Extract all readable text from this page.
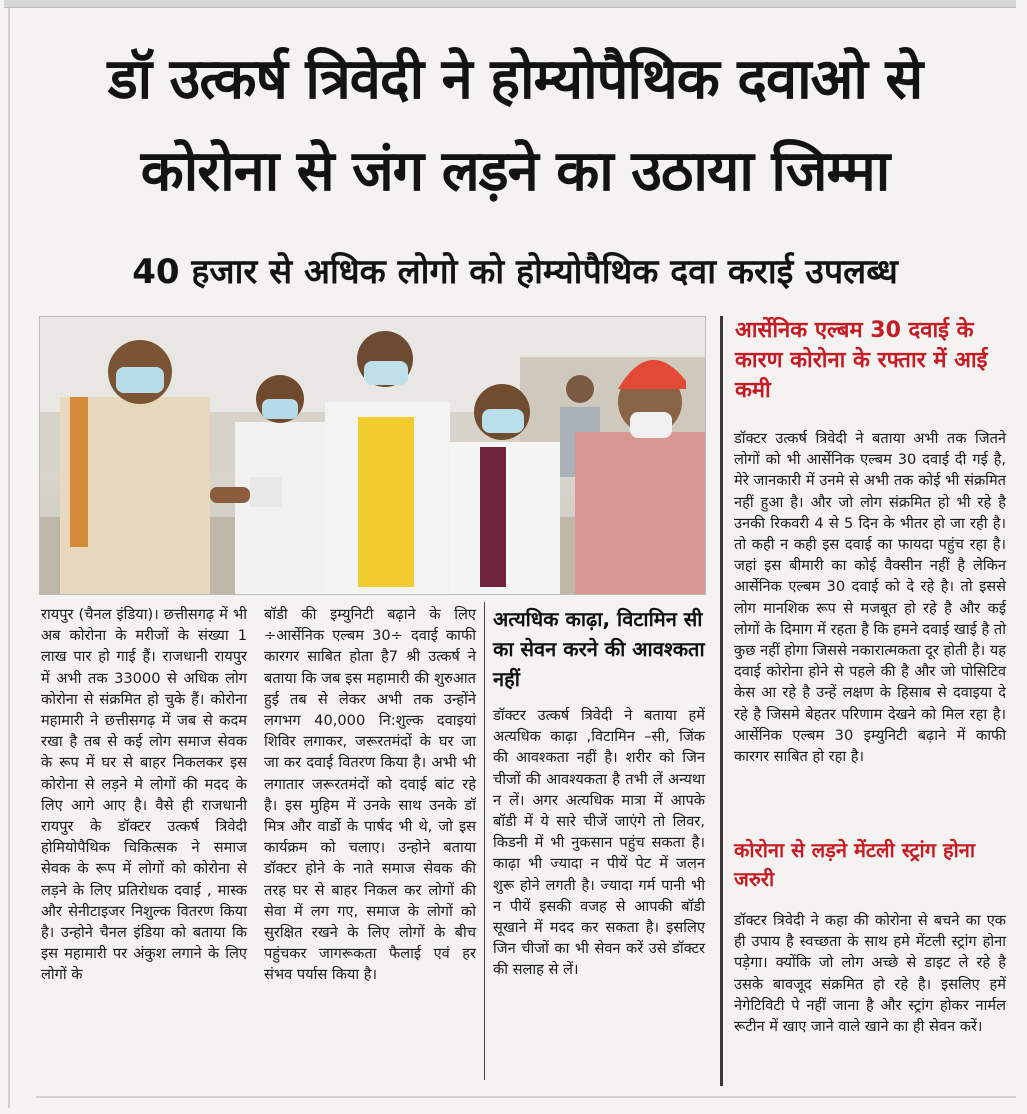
डॉ उत्कर्ष त्रिवेदी ने होम्योपैथिक दवाओ से
कोरोना से जंग लड़ने का उठाया जिम्मा
40 हजार से अधिक लोगो को होम्योपैथिक दवा कराई उपलब्ध
रायपुर (चैनल इंडिया)। छत्तीसगढ़ में भी अब कोरोना के मरीजों के संख्या 1 लाख पार हो गाई हैं। राजधानी रायपुर में अभी तक 33000 से अधिक लोग कोरोना से संक्रमित हो चुके हैं। कोरोना महामारी ने छत्तीसगढ़ में जब से कदम रखा है तब से कई लोग समाज सेवक के रूप में घर से बाहर निकलकर इस कोरोना से लड़ने मे लोगों की मदद के लिए आगे आए है। वैसे ही राजधानी रायपुर के डॉक्टर उत्कर्ष त्रिवेदी होमियोपैथिक चिकित्सक ने समाज सेवक के रूप में लोगों को कोरोना से लड़ने के लिए प्रतिरोधक दवाई , मास्क और सेनीटाइजर निशुल्क वितरण किया है। उन्होने चैनल इंडिया को बताया कि इस महामारी पर अंकुश लगाने के लिए लोगों के
बॉडी की इम्युनिटी बढ़ाने के लिए ÷आर्सेनिक एल्बम 30÷ दवाई काफी कारगर साबित होता है7 श्री उत्कर्ष ने बताया कि जब इस महामारी की शुरुआत हुई तब से लेकर अभी तक उन्होंने लगभग 40,000 नि:शुल्क दवाइयां शिविर लगाकर, जरूरतमंदों के घर जा जा कर दवाई वितरण किया है। अभी भी लगातार जरूरतमंदों को दवाई बांट रहे है। इस मुहिम में उनके साथ उनके डॉ मित्र और वार्डो के पार्षद भी थे, जो इस कार्यक्रम को चलाए। उन्होने बताया डॉक्टर होने के नाते समाज सेवक की तरह घर से बाहर निकल कर लोगों की सेवा में लग गए, समाज के लोगों को सुरक्षित रखने के लिए लोगों के बीच पहुंचकर जागरूकता फैलाई एवं हर संभव पर्यास किया है।
अत्यधिक काढ़ा, विटामिन सी का सेवन करने की आवश्कता नहीं
डॉक्टर उत्कर्ष त्रिवेदी ने बताया हमें अत्यधिक काढ़ा ,विटामिन –सी, जिंक की आवश्कता नहीं है। शरीर को जिन चीजों की आवश्यकता है तभी लें अन्यथा न लें। अगर अत्यधिक मात्रा में आपके बॉडी में ये सारे चीजें जाएंगे तो लिवर, किडनी में भी नुकसान पहुंच सकता है। काढ़ा भी ज्यादा न पीयें पेट में जलन शुरू होने लगती है। ज्यादा गर्म पानी भी न पीयें इसकी वजह से आपकी बॉडी सूखाने में मदद कर सकता है। इसलिए जिन चीजों का भी सेवन करें उसे डॉक्टर की सलाह से लें।
आर्सेनिक एल्बम 30 दवाई के कारण कोरोना के रफ्तार में आई कमी
डॉक्टर उत्कर्ष त्रिवेदी ने बताया अभी तक जितने लोगों को भी आर्सेनिक एल्बम 30 दवाई दी गई है, मेरे जानकारी में उनमे से अभी तक कोई भी संक्रमित नहीं हुआ है। और जो लोग संक्रमित हो भी रहे है उनकी रिकवरी 4 से 5 दिन के भीतर हो जा रही है। तो कही न कही इस दवाई का फायदा पहुंच रहा है। जहां इस बीमारी का कोई वैक्सीन नहीं है लेकिन आर्सेनिक एल्बम 30 दवाई को दे रहे है। तो इससे लोग मानशिक रूप से मजबूत हो रहे है और कई लोगों के दिमाग में रहता है कि हमने दवाई खाई है तो कुछ नहीं होगा जिससे नकारात्मकता दूर होती है। यह दवाई कोरोना होने से पहले की है और जो पोसिटिव केस आ रहे है उन्हें लक्षण के हिसाब से दवाइया दे रहे है जिसमे बेहतर परिणाम देखने को मिल रहा है। आर्सेनिक एल्बम 30 इम्युनिटी बढ़ाने में काफी कारगर साबित हो रहा है।
कोरोना से लड़ने मेंटली स्ट्रांग होना जरुरी
डॉक्टर त्रिवेदी ने कहा की कोरोना से बचने का एक ही उपाय है स्वच्छता के साथ हमे मेंटली स्ट्रांग होना पड़ेगा। क्योंकि जो लोग अच्छे से डाइट ले रहे है उसके बावजूद संक्रमित हो रहे है। इसलिए हमें नेगेटिविटी पे नहीं जाना है और स्ट्रांग होकर नार्मल रूटीन में खाए जाने वाले खाने का ही सेवन करें।
